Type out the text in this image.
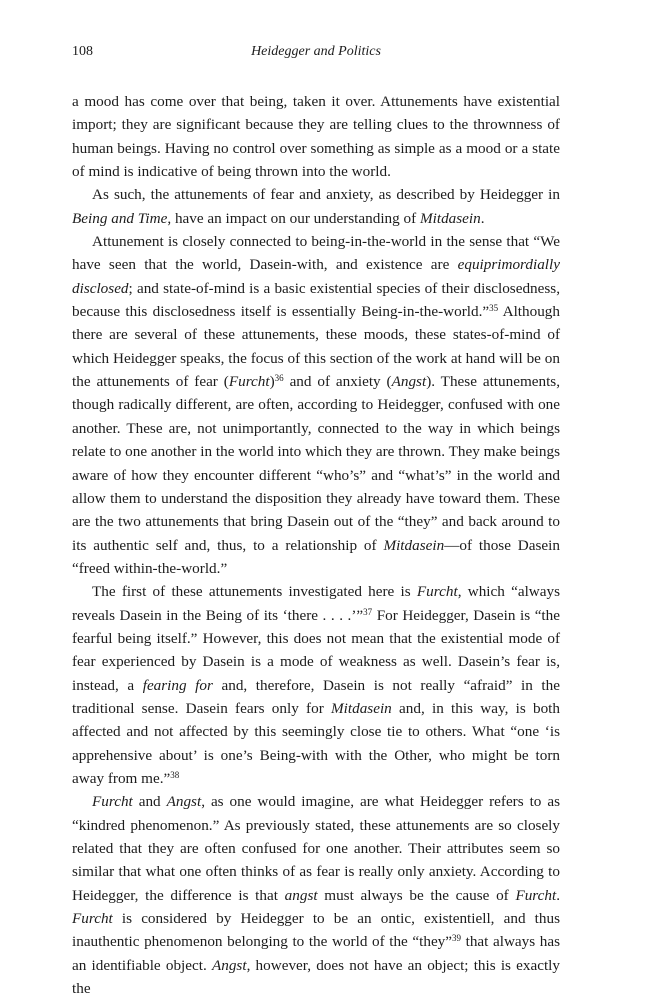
108	Heidegger and Politics

a mood has come over that being, taken it over. Attunements have existential import; they are significant because they are telling clues to the thrownness of human beings. Having no control over something as simple as a mood or a state of mind is indicative of being thrown into the world.

As such, the attunements of fear and anxiety, as described by Heidegger in Being and Time, have an impact on our understanding of Mitdasein.

Attunement is closely connected to being-in-the-world in the sense that “We have seen that the world, Dasein-with, and existence are equiprimordially disclosed; and state-of-mind is a basic existential species of their disclosedness, because this disclosedness itself is essentially Being-in-the-world.”$^{35}$ Although there are several of these attunements, these moods, these states-of-mind of which Heidegger speaks, the focus of this section of the work at hand will be on the attunements of fear (Furcht)$^{36}$ and of anxiety (Angst). These attunements, though radically different, are often, according to Heidegger, confused with one another. These are, not unimportantly, connected to the way in which beings relate to one another in the world into which they are thrown. They make beings aware of how they encounter different “who’s” and “what’s” in the world and allow them to understand the disposition they already have toward them. These are the two attunements that bring Dasein out of the “they” and back around to its authentic self and, thus, to a relationship of Mitdasein—of those Dasein “freed within-the-world.”

The first of these attunements investigated here is Furcht, which “always reveals Dasein in the Being of its ‘there . . . .’”$^{37}$ For Heidegger, Dasein is “the fearful being itself.” However, this does not mean that the existential mode of fear experienced by Dasein is a mode of weakness as well. Dasein’s fear is, instead, a fearing for and, therefore, Dasein is not really “afraid” in the traditional sense. Dasein fears only for Mitdasein and, in this way, is both affected and not affected by this seemingly close tie to others. What “one ‘is apprehensive about’ is one’s Being-with with the Other, who might be torn away from me.”$^{38}$

Furcht and Angst, as one would imagine, are what Heidegger refers to as “kindred phenomenon.” As previously stated, these attunements are so closely related that they are often confused for one another. Their attributes seem so similar that what one often thinks of as fear is really only anxiety. According to Heidegger, the difference is that angst must always be the cause of Furcht. Furcht is considered by Heidegger to be an ontic, existentiell, and thus inauthentic phenomenon belonging to the world of the “they”$^{39}$ that always has an identifiable object. Angst, however, does not have an object; this is exactly the
